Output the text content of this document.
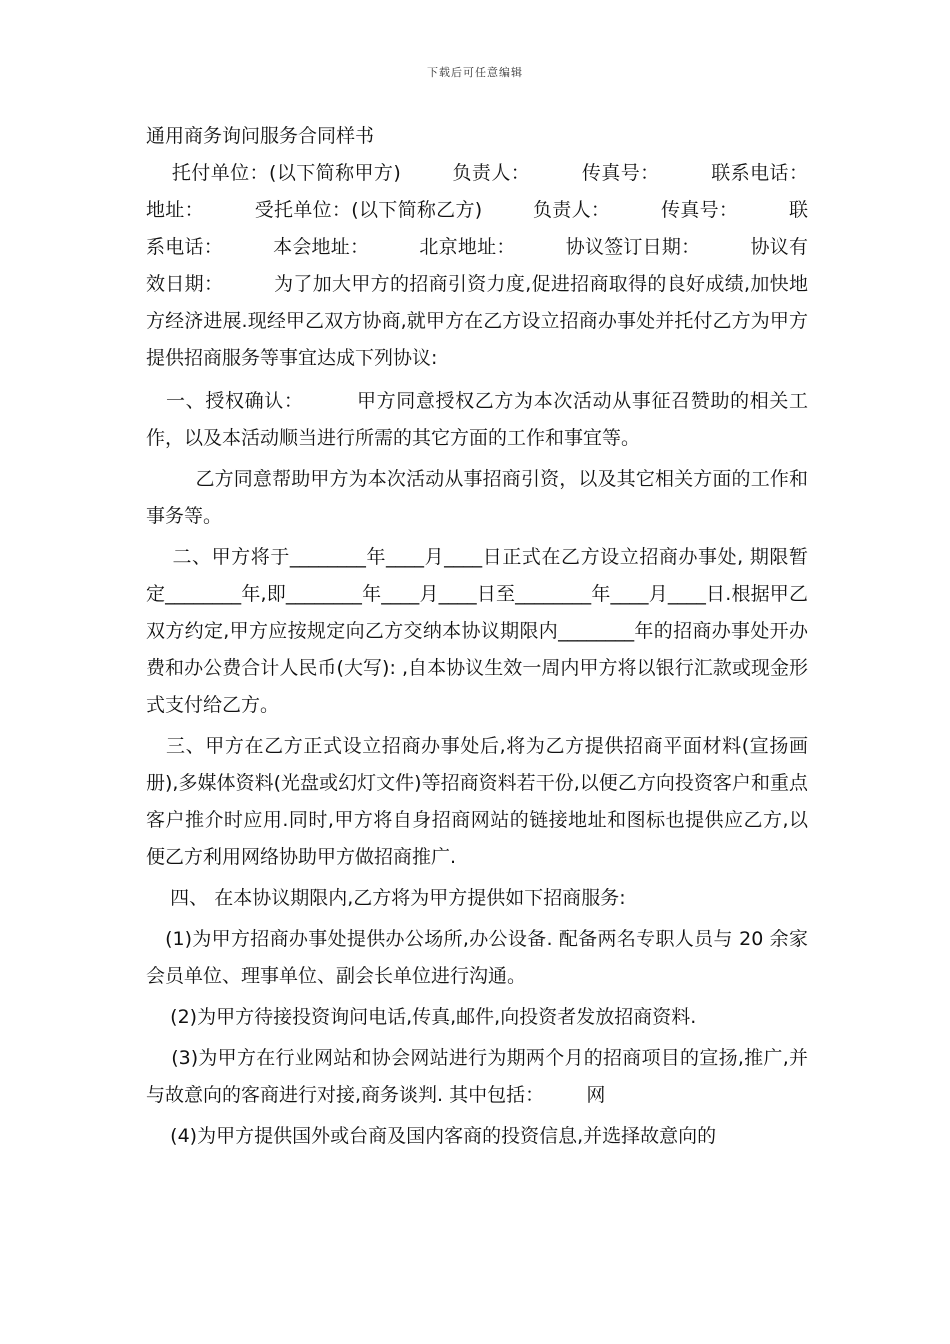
下载后可任意编辑
通用商务询问服务合同样书

托付单位：(以下简称甲方)        负责人：        传真号：        联系电话：        地址：        受托单位：(以下简称乙方)        负责人：        传真号：        联系电话：        本会地址：        北京地址：        协议签订日期：        协议有效日期：        为了加大甲方的招商引资力度,促进招商取得的良好成绩,加快地方经济进展.现经甲乙双方协商,就甲方在乙方设立招商办事处并托付乙方为甲方提供招商服务等事宜达成下列协议:

一、授权确认：        甲方同意授权乙方为本次活动从事征召赞助的相关工作，以及本活动顺当进行所需的其它方面的工作和事宜等。

乙方同意帮助甲方为本次活动从事招商引资，以及其它相关方面的工作和事务等。

二、甲方将于________年____月____日正式在乙方设立招商办事处, 期限暂定________年,即________年____月____日至________年____月____日.根据甲乙双方约定,甲方应按规定向乙方交纳本协议期限内________年的招商办事处开办费和办公费合计人民币(大写): ,自本协议生效一周内甲方将以银行汇款或现金形式支付给乙方。

三、甲方在乙方正式设立招商办事处后,将为乙方提供招商平面材料(宣扬画册),多媒体资料(光盘或幻灯文件)等招商资料若干份,以便乙方向投资客户和重点客户推介时应用.同时,甲方将自身招商网站的链接地址和图标也提供应乙方,以便乙方利用网络协助甲方做招商推广.

四、 在本协议期限内,乙方将为甲方提供如下招商服务:

(1)为甲方招商办事处提供办公场所,办公设备. 配备两名专职人员与 20 余家会员单位、理事单位、副会长单位进行沟通。

(2)为甲方待接投资询问电话,传真,邮件,向投资者发放招商资料.

(3)为甲方在行业网站和协会网站进行为期两个月的招商项目的宣扬,推广,并与故意向的客商进行对接,商务谈判. 其中包括：       网

(4)为甲方提供国外或台商及国内客商的投资信息,并选择故意向的
